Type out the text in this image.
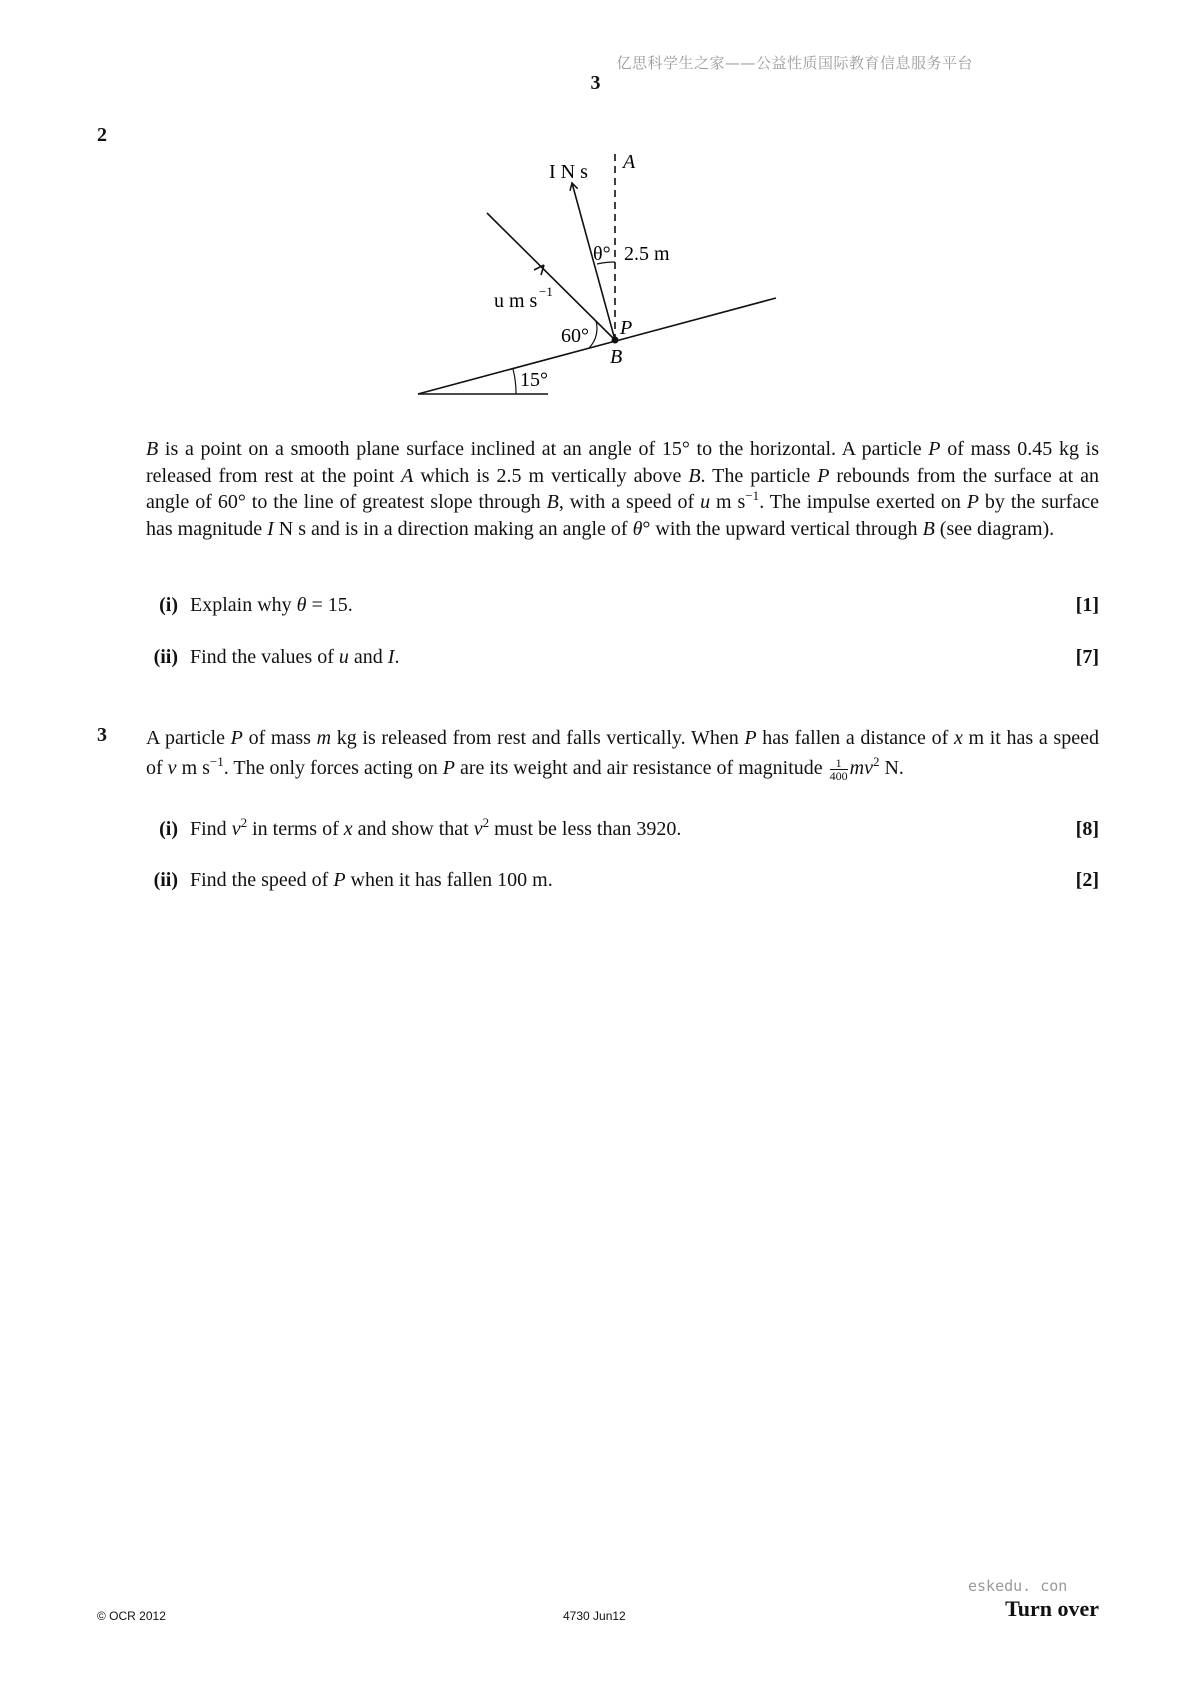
亿思科学生之家——公益性质国际教育信息服务平台
3
2
I N s A
θ° 2.5 m
u m s −1
60° P
B
15°
B is a point on a smooth plane surface inclined at an angle of 15° to the horizontal. A particle P of mass 0.45 kg is released from rest at the point A which is 2.5 m vertically above B. The particle P rebounds from the surface at an angle of 60° to the line of greatest slope through B, with a speed of u m $s^{-1}$. The impulse exerted on P by the surface has magnitude I N s and is in a direction making an angle of θ° with the upward vertical through B (see diagram).
(i) Explain why θ = 15.	[1]
(ii) Find the values of u and I.	[7]
3 A particle P of mass m kg is released from rest and falls vertically. When P has fallen a distance of x m it has a speed of v m $s^{-1}$. The only forces acting on P are its weight and air resistance of magnitude $\frac{1}{400} mv^2$ N.
(i) Find $v^2$ in terms of x and show that $v^2$ must be less than 3920.	[8]
(ii) Find the speed of P when it has fallen 100 m.	[2]
eskedu. con
© OCR 2012	4730 Jun12	Turn over
